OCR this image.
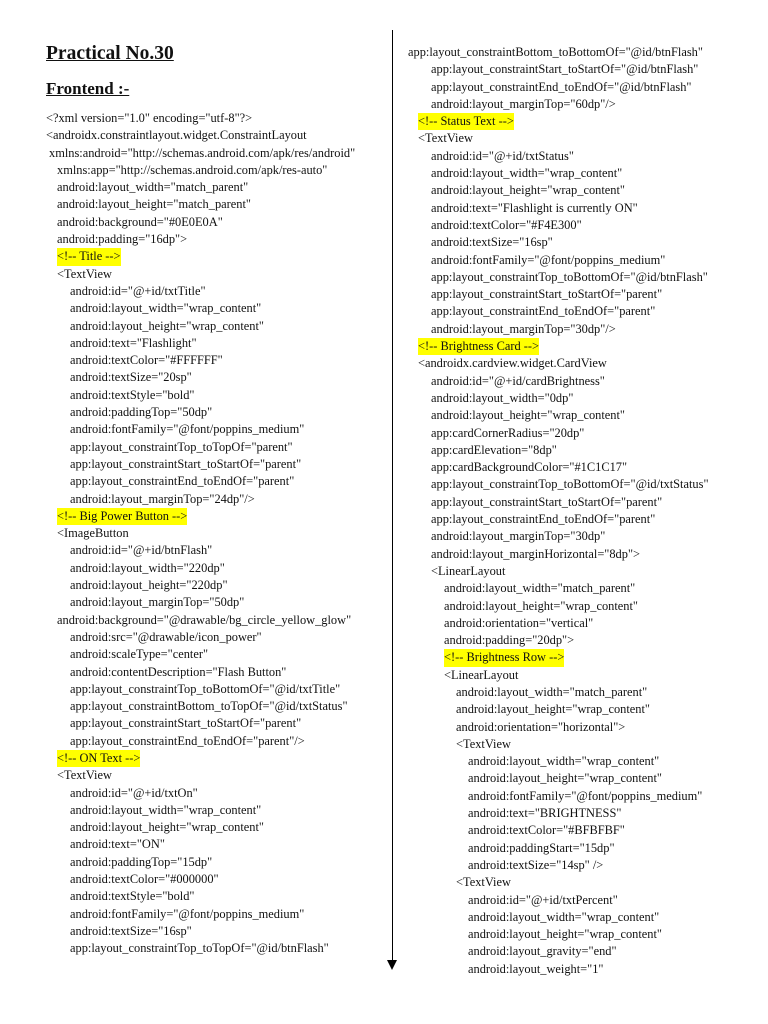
Practical No.30
Frontend :-
<?xml version="1.0" encoding="utf-8"?>
<androidx.constraintlayout.widget.ConstraintLayout
xmlns:android="http://schemas.android.com/apk/res/android"
xmlns:app="http://schemas.android.com/apk/res-auto"
android:layout_width="match_parent"
android:layout_height="match_parent"
android:background="#0E0E0A"
android:padding="16dp">
<!-- Title -->
<TextView
android:id="@+id/txtTitle"
android:layout_width="wrap_content"
android:layout_height="wrap_content"
android:text="Flashlight"
android:textColor="#FFFFFF"
android:textSize="20sp"
android:textStyle="bold"
android:paddingTop="50dp"
android:fontFamily="@font/poppins_medium"
app:layout_constraintTop_toTopOf="parent"
app:layout_constraintStart_toStartOf="parent"
app:layout_constraintEnd_toEndOf="parent"
android:layout_marginTop="24dp"/>
<!-- Big Power Button -->
<ImageButton
android:id="@+id/btnFlash"
android:layout_width="220dp"
android:layout_height="220dp"
android:layout_marginTop="50dp"
android:background="@drawable/bg_circle_yellow_glow"
android:src="@drawable/icon_power"
android:scaleType="center"
android:contentDescription="Flash Button"
app:layout_constraintTop_toBottomOf="@id/txtTitle"
app:layout_constraintBottom_toTopOf="@id/txtStatus"
app:layout_constraintStart_toStartOf="parent"
app:layout_constraintEnd_toEndOf="parent"/>
<!-- ON Text -->
<TextView
android:id="@+id/txtOn"
android:layout_width="wrap_content"
android:layout_height="wrap_content"
android:text="ON"
android:paddingTop="15dp"
android:textColor="#000000"
android:textStyle="bold"
android:fontFamily="@font/poppins_medium"
android:textSize="16sp"
app:layout_constraintTop_toTopOf="@id/btnFlash"
app:layout_constraintBottom_toBottomOf="@id/btnFlash"
app:layout_constraintStart_toStartOf="@id/btnFlash"
app:layout_constraintEnd_toEndOf="@id/btnFlash"
android:layout_marginTop="60dp"/>
<!-- Status Text -->
<TextView
android:id="@+id/txtStatus"
android:layout_width="wrap_content"
android:layout_height="wrap_content"
android:text="Flashlight is currently ON"
android:textColor="#F4E300"
android:textSize="16sp"
android:fontFamily="@font/poppins_medium"
app:layout_constraintTop_toBottomOf="@id/btnFlash"
app:layout_constraintStart_toStartOf="parent"
app:layout_constraintEnd_toEndOf="parent"
android:layout_marginTop="30dp"/>
<!-- Brightness Card -->
<androidx.cardview.widget.CardView
android:id="@+id/cardBrightness"
android:layout_width="0dp"
android:layout_height="wrap_content"
app:cardCornerRadius="20dp"
app:cardElevation="8dp"
app:cardBackgroundColor="#1C1C17"
app:layout_constraintTop_toBottomOf="@id/txtStatus"
app:layout_constraintStart_toStartOf="parent"
app:layout_constraintEnd_toEndOf="parent"
android:layout_marginTop="30dp"
android:layout_marginHorizontal="8dp">
<LinearLayout
android:layout_width="match_parent"
android:layout_height="wrap_content"
android:orientation="vertical"
android:padding="20dp">
<!-- Brightness Row -->
<LinearLayout
android:layout_width="match_parent"
android:layout_height="wrap_content"
android:orientation="horizontal">
<TextView
android:layout_width="wrap_content"
android:layout_height="wrap_content"
android:fontFamily="@font/poppins_medium"
android:text="BRIGHTNESS"
android:textColor="#BFBFBF"
android:paddingStart="15dp"
android:textSize="14sp" />
<TextView
android:id="@+id/txtPercent"
android:layout_width="wrap_content"
android:layout_height="wrap_content"
android:layout_gravity="end"
android:layout_weight="1"
